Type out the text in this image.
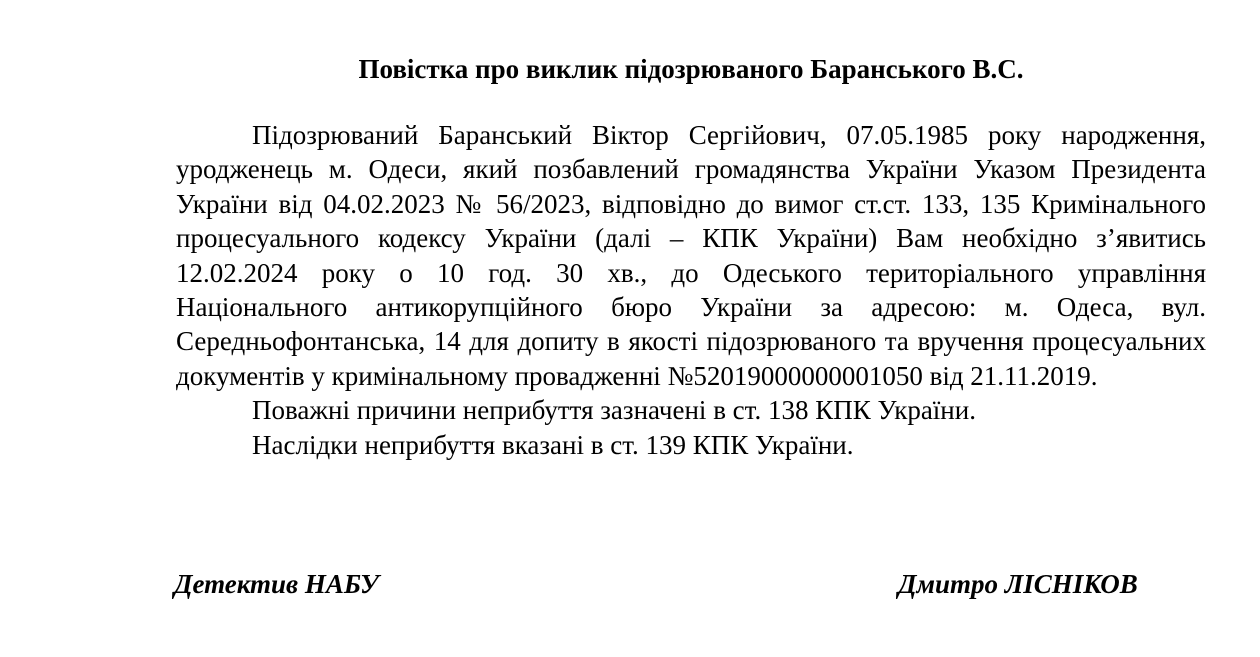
Повістка про виклик підозрюваного Баранського В.С.

Підозрюваний Баранський Віктор Сергійович, 07.05.1985 року народження, уродженець м. Одеси, який позбавлений громадянства України Указом Президента України від 04.02.2023 № 56/2023, відповідно до вимог ст.ст. 133, 135 Кримінального процесуального кодексу України (далі – КПК України) Вам необхідно з’явитись 12.02.2024 року о 10 год. 30 хв., до Одеського територіального управління Національного антикорупційного бюро України за адресою: м. Одеса, вул. Середньофонтанська, 14 для допиту в якості підозрюваного та вручення процесуальних документів у кримінальному провадженні №52019000000001050 від 21.11.2019.

Поважні причини неприбуття зазначені в ст. 138 КПК України.

Наслідки неприбуття вказані в ст. 139 КПК України.

Детектив НАБУ	Дмитро ЛІСНІКОВ
